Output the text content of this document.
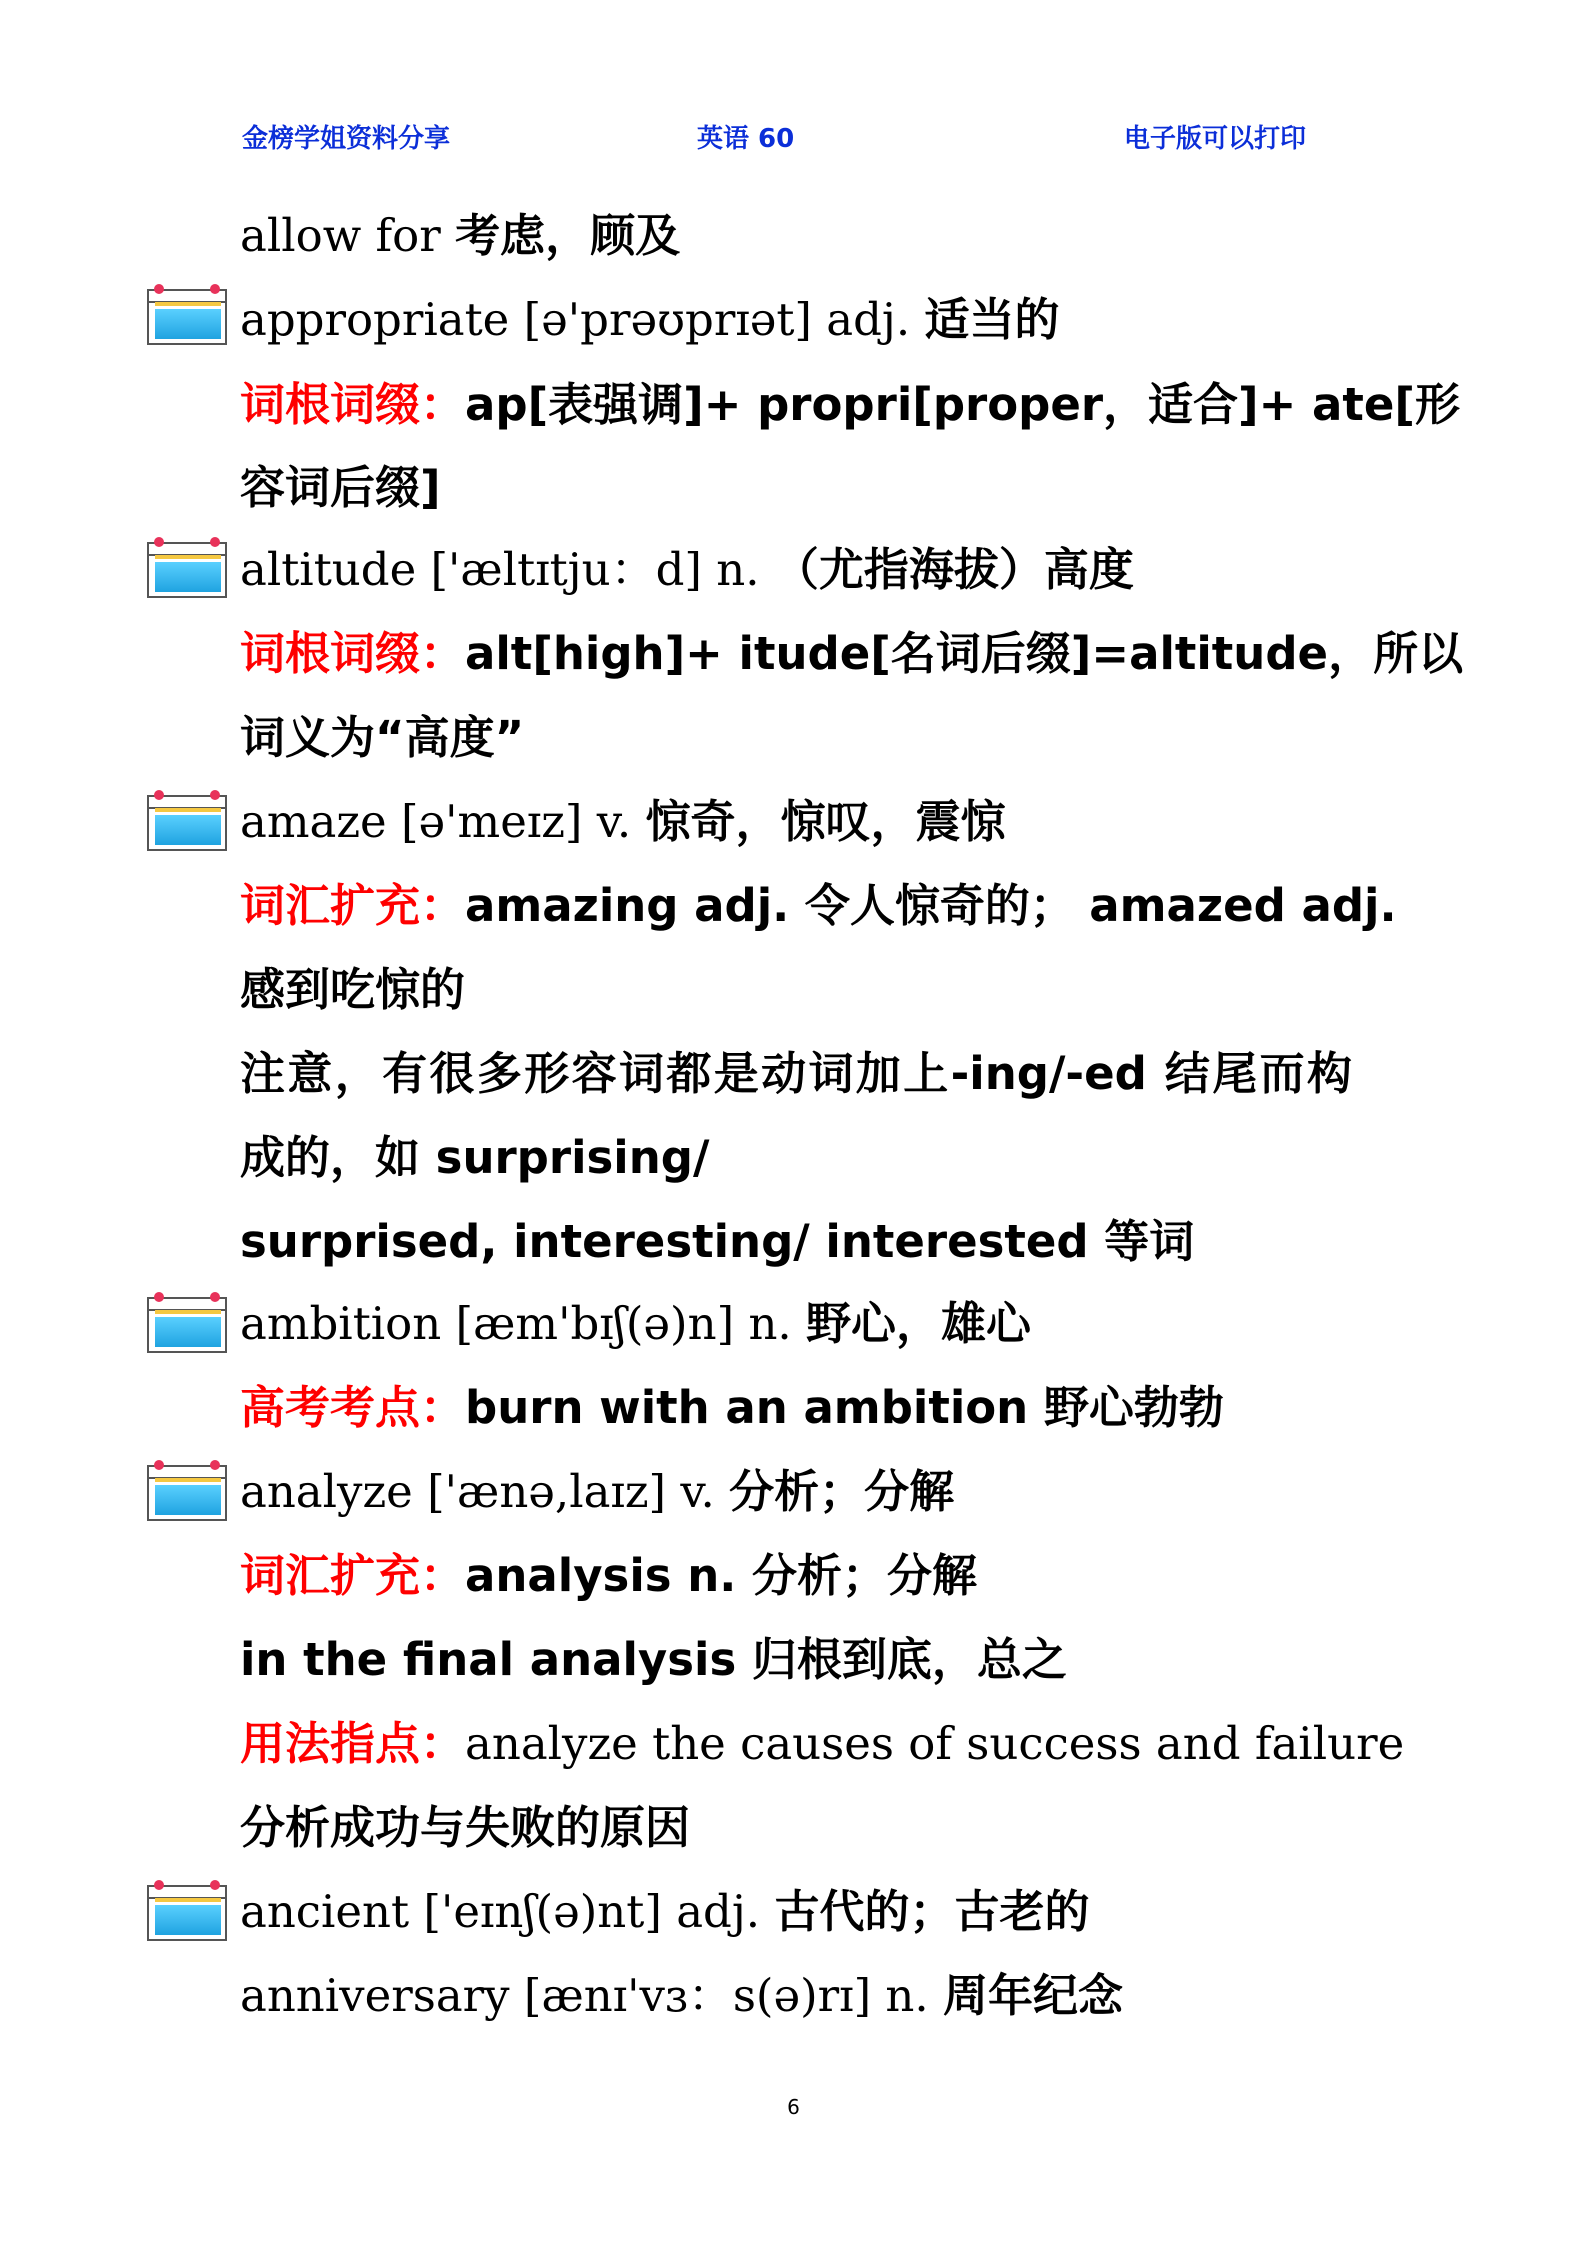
金榜学姐资料分享	英语 60	电子版可以打印
allow for 考虑，顾及
appropriate [ə'prəʊprɪət] adj. 适当的
词根词缀：ap[表强调]+ propri[proper，适合]+ ate[形
容词后缀]
altitude ['æltɪtju：d] n. （尤指海拔）高度
词根词缀：alt[high]+ itude[名词后缀]=altitude，所以
词义为“高度”
amaze [ə'meɪz] v. 惊奇，惊叹，震惊
词汇扩充：amazing adj. 令人惊奇的； amazed adj.
感到吃惊的
注意，有很多形容词都是动词加上-ing/-ed 结尾而构
成的，如 surprising/
surprised, interesting/ interested 等词
ambition [æm'bɪʃ(ə)n] n. 野心，雄心
高考考点：burn with an ambition 野心勃勃
analyze ['ænə,laɪz] v. 分析；分解
词汇扩充：analysis n. 分析；分解
in the final analysis 归根到底，总之
用法指点：analyze the causes of success and failure
分析成功与失败的原因
ancient ['eɪnʃ(ə)nt] adj. 古代的；古老的
anniversary [ænɪ'vɜ：s(ə)rɪ] n. 周年纪念
6
